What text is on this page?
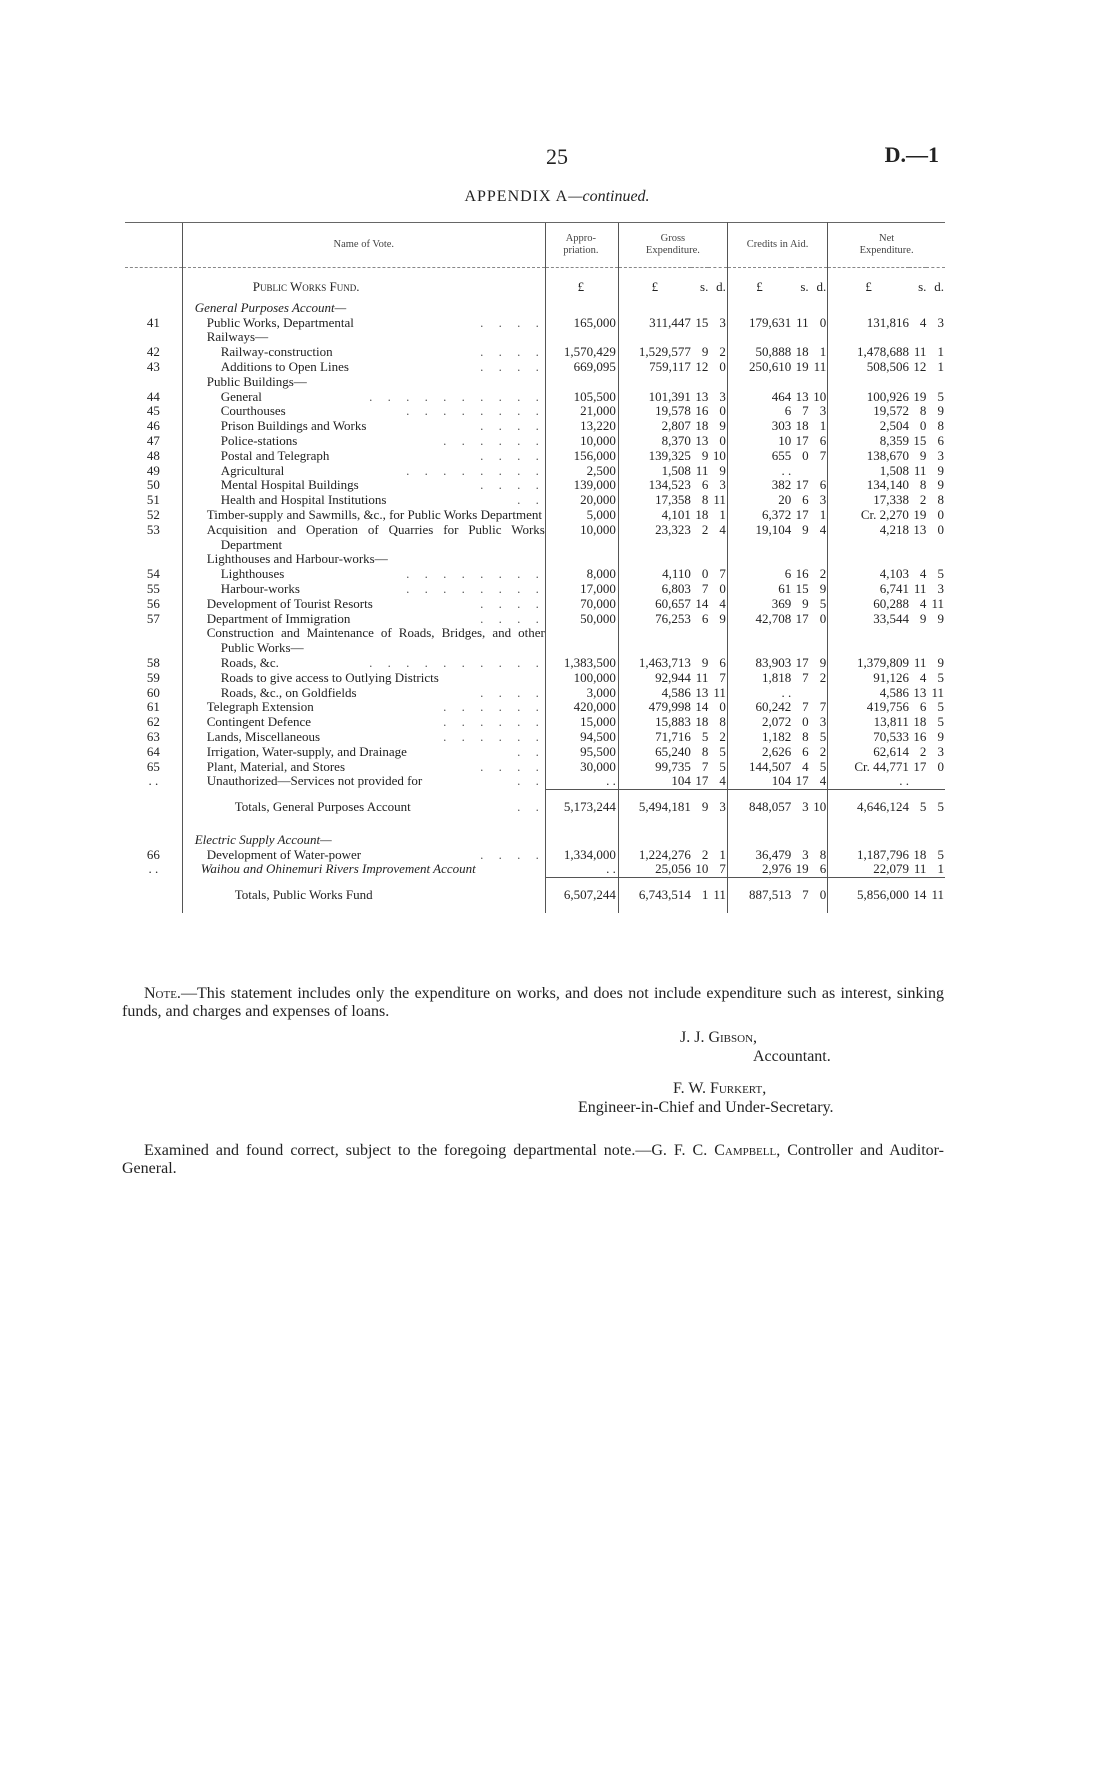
25	D.—1
APPENDIX A—continued.
	Name of Vote.	Appro-
priation.	Gross
Expenditure.			Credits in Aid.			Net
Expenditure.		

	Public Works Fund.	£	£	s.	d.	£	s.	d.	£	s.	d.

	General Purposes Account—										

41	Public Works, Departmental . . . .	165,000	311,447	15	3	179,631	11	0	131,816	4	3

	Railways—										

42	Railway-construction . . . .	1,570,429	1,529,577	9	2	50,888	18	1	1,478,688	11	1
43	Additions to Open Lines . . . .	669,095	759,117	12	0	250,610	19	11	508,506	12	1

	Public Buildings—										

44	General . . . . . . . . . .	105,500	101,391	13	3	464	13	10	100,926	19	5
45	Courthouses . . . . . . . .	21,000	19,578	16	0	6	7	3	19,572	8	9
46	Prison Buildings and Works . . . .	13,220	2,807	18	9	303	18	1	2,504	0	8
47	Police-stations . . . . . .	10,000	8,370	13	0	10	17	6	8,359	15	6
48	Postal and Telegraph . . . .	156,000	139,325	9	10	655	0	7	138,670	9	3
49	Agricultural . . . . . . . .	2,500	1,508	11	9	. .			1,508	11	9
50	Mental Hospital Buildings . . . .	139,000	134,523	6	3	382	17	6	134,140	8	9
51	Health and Hospital Institutions . .	20,000	17,358	8	11	20	6	3	17,338	2	8
52	Timber-supply and Sawmills, &c., for Public Works Department	5,000	4,101	18	1	6,372	17	1	Cr. 2,270	19	0
53	Acquisition and Operation of Quarries for Public Works Department	10,000	23,323	2	4	19,104	9	4	4,218	13	0

	Lighthouses and Harbour-works—										

54	Lighthouses . . . . . . . .	8,000	4,110	0	7	6	16	2	4,103	4	5
55	Harbour-works . . . . . . . .	17,000	6,803	7	0	61	15	9	6,741	11	3
56	Development of Tourist Resorts . . . .	70,000	60,657	14	4	369	9	5	60,288	4	11
57	Department of Immigration . . . .	50,000	76,253	6	9	42,708	17	0	33,544	9	9

	Construction and Maintenance of Roads, Bridges, and other Public Works—										

58	Roads, &c. . . . . . . . . . .	1,383,500	1,463,713	9	6	83,903	17	9	1,379,809	11	9
59	Roads to give access to Outlying Districts	100,000	92,944	11	7	1,818	7	2	91,126	4	5
60	Roads, &c., on Goldfields . . . .	3,000	4,586	13	11	. .			4,586	13	11
61	Telegraph Extension . . . . . .	420,000	479,998	14	0	60,242	7	7	419,756	6	5
62	Contingent Defence . . . . . .	15,000	15,883	18	8	2,072	0	3	13,811	18	5
63	Lands, Miscellaneous . . . . . .	94,500	71,716	5	2	1,182	8	5	70,533	16	9
64	Irrigation, Water-supply, and Drainage . .	95,500	65,240	8	5	2,626	6	2	62,614	2	3
65	Plant, Material, and Stores . . . .	30,000	99,735	7	5	144,507	4	5	Cr. 44,771	17	0
. .	Unauthorized—Services not provided for . .	. .	104	17	4	104	17	4	. .		

	Totals, General Purposes Account . .	5,173,244	5,494,181	9	3	848,057	3	10	4,646,124	5	5

	Electric Supply Account—										

66	Development of Water-power . . . .	1,334,000	1,224,276	2	1	36,479	3	8	1,187,796	18	5
. .	Waihou and Ohinemuri Rivers Improvement Account	. .	25,056	10	7	2,976	19	6	22,079	11	1

	Totals, Public Works Fund	6,507,244	6,743,514	1	11	887,513	7	0	5,856,000	14	11

Note.—This statement includes only the expenditure on works, and does not include expenditure such as interest, sinking funds, and charges and expenses of loans.

J. J. Gibson,
Accountant.
F. W. Furkert,
Engineer-in-Chief and Under-Secretary.

Examined and found correct, subject to the foregoing departmental note.—G. F. C. Campbell, Controller and Auditor-General.
